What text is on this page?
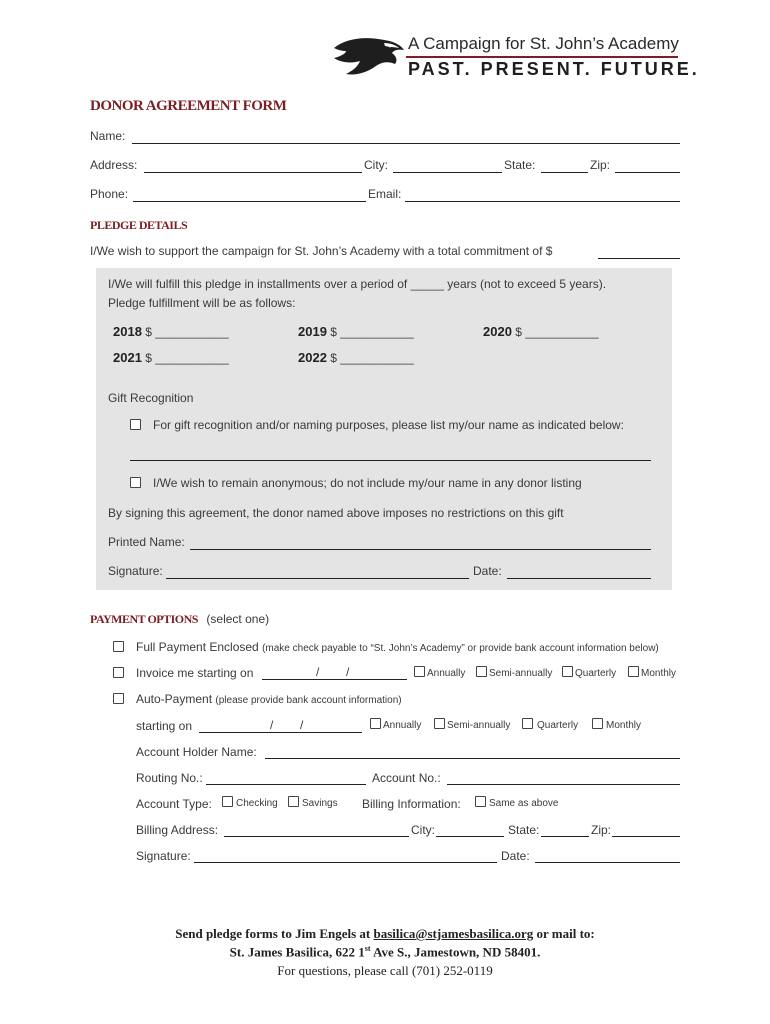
A Campaign for St. John’s Academy
PAST. PRESENT. FUTURE.
DONOR AGREEMENT FORM
Name:
Address:	City:	State:	Zip:
Phone:	Email:
PLEDGE DETAILS
I/We wish to support the campaign for St. John’s Academy with a total commitment of $
I/We will fulfill this pledge in installments over a period of _____ years (not to exceed 5 years).
Pledge fulfillment will be as follows:
2018 $ ___________	2019 $ ___________	2020 $ ___________
2021 $ ___________	2022 $ ___________
Gift Recognition
For gift recognition and/or naming purposes, please list my/our name as indicated below:
I/We wish to remain anonymous; do not include my/our name in any donor listing
By signing this agreement, the donor named above imposes no restrictions on this gift
Printed Name:
Signature:	Date:
PAYMENT OPTIONS (select one)
Full Payment Enclosed (make check payable to “St. John’s Academy” or provide bank account information below)
Invoice me starting on	/        /	Annually Semi-annually Quarterly Monthly
Auto-Payment (please provide bank account information)
starting on	/        /	Annually	Semi-annually	Quarterly	Monthly
Account Holder Name:
Routing No.:	Account No.:
Account Type: Checking Savings Billing Information:	Same as above
Billing Address:	City:	State:	Zip:
Signature:	Date:
Send pledge forms to Jim Engels at basilica@stjamesbasilica.org or mail to:
St. James Basilica, 622 1st Ave S., Jamestown, ND 58401.
For questions, please call (701) 252-0119
